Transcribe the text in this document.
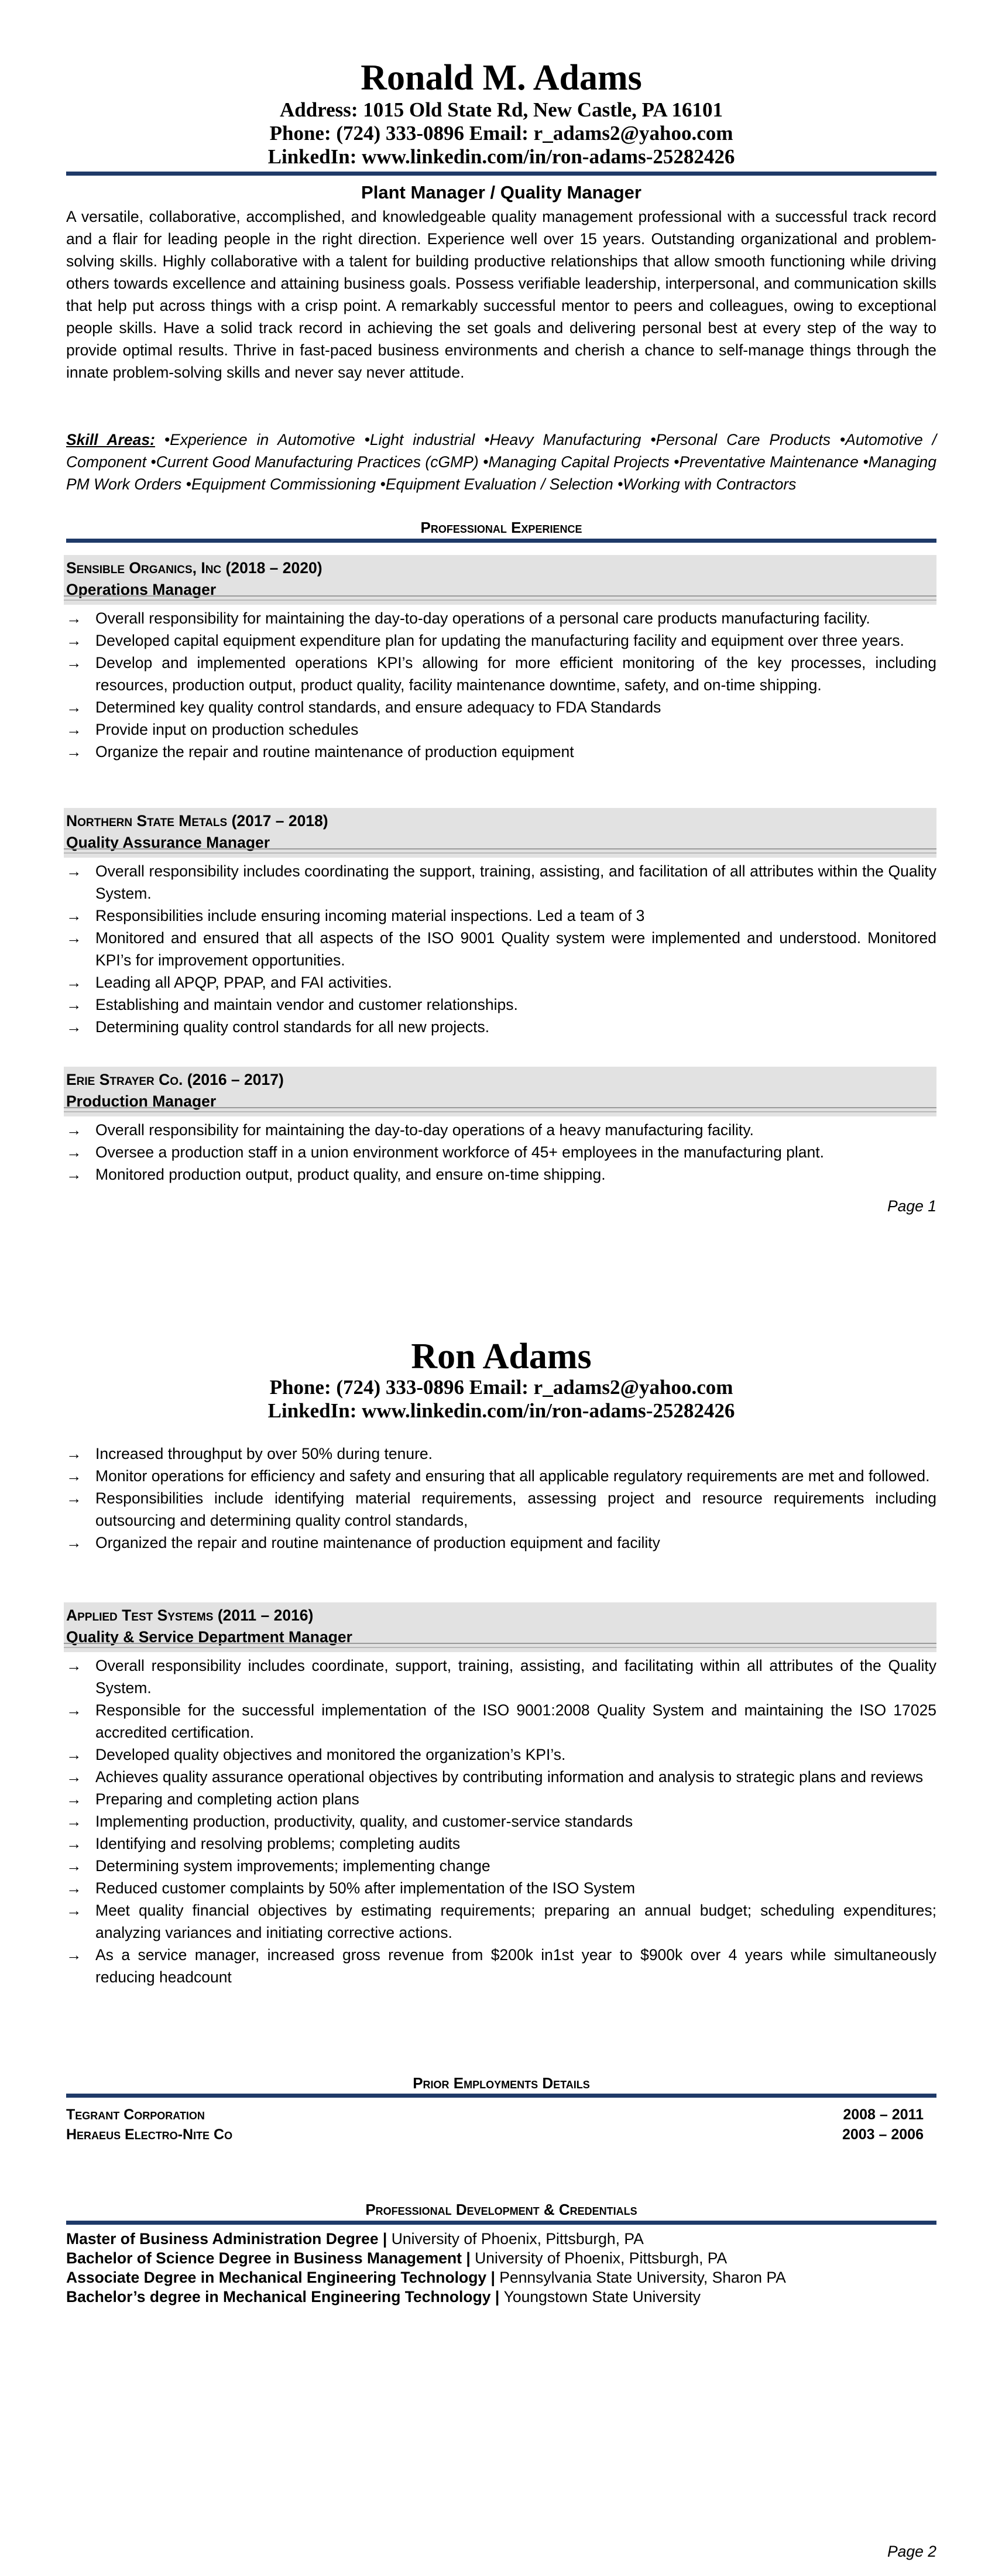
Ronald M. Adams
Address: 1015 Old State Rd, New Castle, PA 16101
Phone: (724) 333-0896 Email: r_adams2@yahoo.com
LinkedIn: www.linkedin.com/in/ron-adams-25282426
Plant Manager / Quality Manager
A versatile, collaborative, accomplished, and knowledgeable quality management professional with a successful track record and a flair for leading people in the right direction. Experience well over 15 years. Outstanding organizational and problem-solving skills. Highly collaborative with a talent for building productive relationships that allow smooth functioning while driving others towards excellence and attaining business goals. Possess verifiable leadership, interpersonal, and communication skills that help put across things with a crisp point. A remarkably successful mentor to peers and colleagues, owing to exceptional people skills. Have a solid track record in achieving the set goals and delivering personal best at every step of the way to provide optimal results. Thrive in fast-paced business environments and cherish a chance to self-manage things through the innate problem-solving skills and never say never attitude.
Skill Areas: •Experience in Automotive •Light industrial •Heavy Manufacturing •Personal Care Products •Automotive / Component •Current Good Manufacturing Practices (cGMP) •Managing Capital Projects •Preventative Maintenance •Managing PM Work Orders •Equipment Commissioning •Equipment Evaluation / Selection •Working with Contractors
Professional Experience
Sensible Organics, Inc (2018 – 2020)
Operations Manager
→ Overall responsibility for maintaining the day-to-day operations of a personal care products manufacturing facility.
→ Developed capital equipment expenditure plan for updating the manufacturing facility and equipment over three years.
→ Develop and implemented operations KPI’s allowing for more efficient monitoring of the key processes, including resources, production output, product quality, facility maintenance downtime, safety, and on-time shipping.
→ Determined key quality control standards, and ensure adequacy to FDA Standards
→ Provide input on production schedules
→ Organize the repair and routine maintenance of production equipment
Northern State Metals (2017 – 2018)
Quality Assurance Manager
→ Overall responsibility includes coordinating the support, training, assisting, and facilitation of all attributes within the Quality System.
→ Responsibilities include ensuring incoming material inspections. Led a team of 3
→ Monitored and ensured that all aspects of the ISO 9001 Quality system were implemented and understood. Monitored KPI’s for improvement opportunities.
→ Leading all APQP, PPAP, and FAI activities.
→ Establishing and maintain vendor and customer relationships.
→ Determining quality control standards for all new projects.
Erie Strayer Co. (2016 – 2017)
Production Manager
→ Overall responsibility for maintaining the day-to-day operations of a heavy manufacturing facility.
→ Oversee a production staff in a union environment workforce of 45+ employees in the manufacturing plant.
→ Monitored production output, product quality, and ensure on-time shipping.
Page 1
Ron Adams
Phone: (724) 333-0896 Email: r_adams2@yahoo.com
LinkedIn: www.linkedin.com/in/ron-adams-25282426
→ Increased throughput by over 50% during tenure.
→ Monitor operations for efficiency and safety and ensuring that all applicable regulatory requirements are met and followed.
→ Responsibilities include identifying material requirements, assessing project and resource requirements including outsourcing and determining quality control standards,
→ Organized the repair and routine maintenance of production equipment and facility
Applied Test Systems (2011 – 2016)
Quality & Service Department Manager
→ Overall responsibility includes coordinate, support, training, assisting, and facilitating within all attributes of the Quality System.
→ Responsible for the successful implementation of the ISO 9001:2008 Quality System and maintaining the ISO 17025 accredited certification.
→ Developed quality objectives and monitored the organization’s KPI’s.
→ Achieves quality assurance operational objectives by contributing information and analysis to strategic plans and reviews
→ Preparing and completing action plans
→ Implementing production, productivity, quality, and customer-service standards
→ Identifying and resolving problems; completing audits
→ Determining system improvements; implementing change
→ Reduced customer complaints by 50% after implementation of the ISO System
→ Meet quality financial objectives by estimating requirements; preparing an annual budget; scheduling expenditures; analyzing variances and initiating corrective actions.
→ As a service manager, increased gross revenue from $200k in1st year to $900k over 4 years while simultaneously reducing headcount
Prior Employments Details
Tegrant Corporation	2008 – 2011
Heraeus Electro-Nite Co	2003 – 2006
Professional Development & Credentials
Master of Business Administration Degree | University of Phoenix, Pittsburgh, PA
Bachelor of Science Degree in Business Management | University of Phoenix, Pittsburgh, PA
Associate Degree in Mechanical Engineering Technology | Pennsylvania State University, Sharon PA
Bachelor’s degree in Mechanical Engineering Technology | Youngstown State University
Page 2
